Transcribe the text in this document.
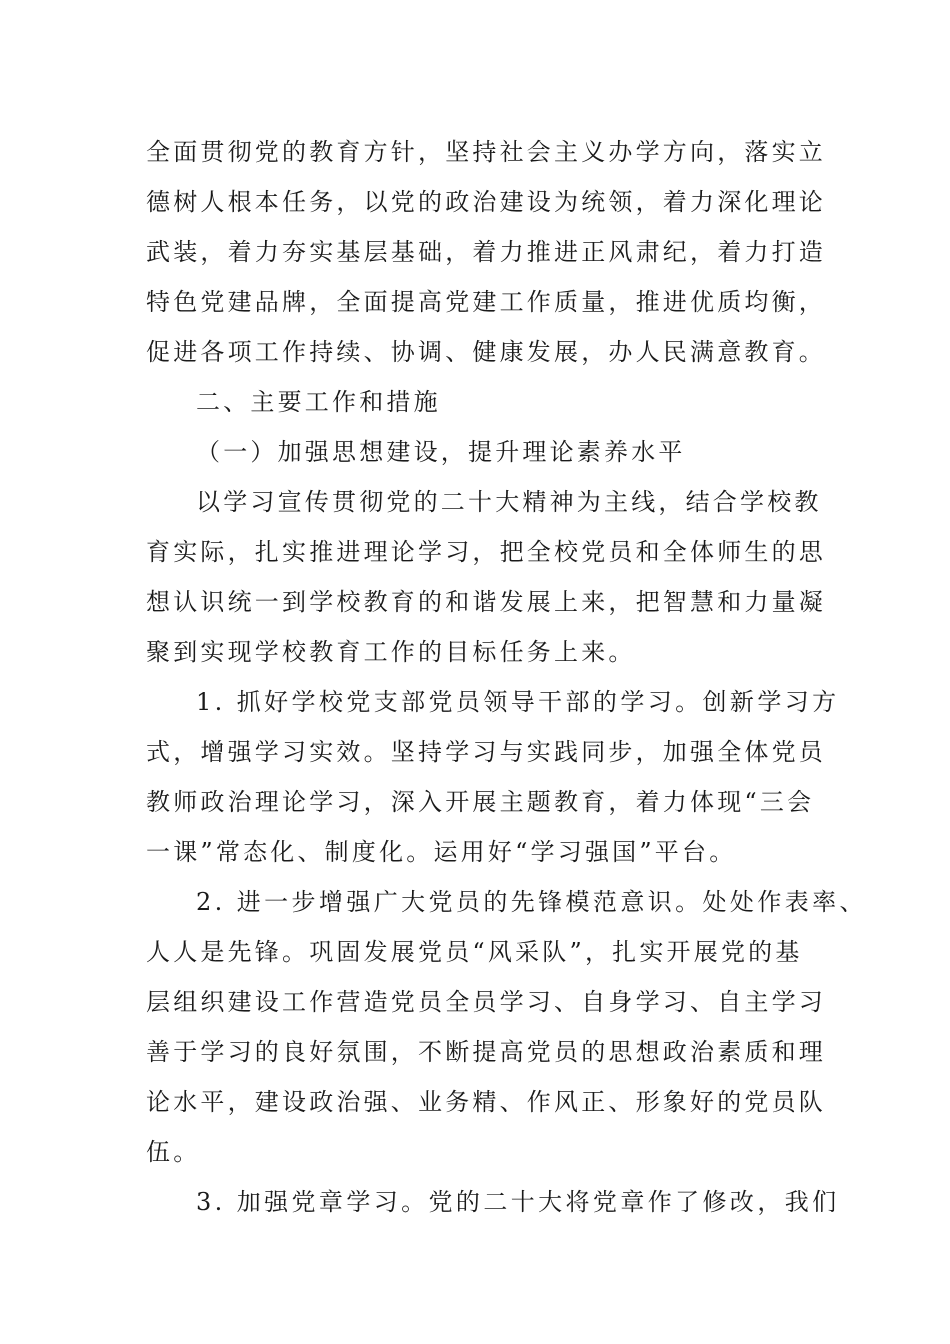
全面贯彻党的教育方针，坚持社会主义办学方向，落实立
德树人根本任务，以党的政治建设为统领，着力深化理论
武装，着力夯实基层基础，着力推进正风肃纪，着力打造
特色党建品牌，全面提高党建工作质量，推进优质均衡，
促进各项工作持续、协调、健康发展，办人民满意教育。
二、主要工作和措施
（一）加强思想建设，提升理论素养水平
以学习宣传贯彻党的二十大精神为主线，结合学校教
育实际，扎实推进理论学习，把全校党员和全体师生的思
想认识统一到学校教育的和谐发展上来，把智慧和力量凝
聚到实现学校教育工作的目标任务上来。
1. 抓好学校党支部党员领导干部的学习。创新学习方
式，增强学习实效。坚持学习与实践同步，加强全体党员
教师政治理论学习，深入开展主题教育，着力体现“三会
一课”常态化、制度化。运用好“学习强国”平台。
2. 进一步增强广大党员的先锋模范意识。处处作表率、
人人是先锋。巩固发展党员“风采队”，扎实开展党的基
层组织建设工作营造党员全员学习、自身学习、自主学习
善于学习的良好氛围，不断提高党员的思想政治素质和理
论水平，建设政治强、业务精、作风正、形象好的党员队
伍。
3. 加强党章学习。党的二十大将党章作了修改，我们
